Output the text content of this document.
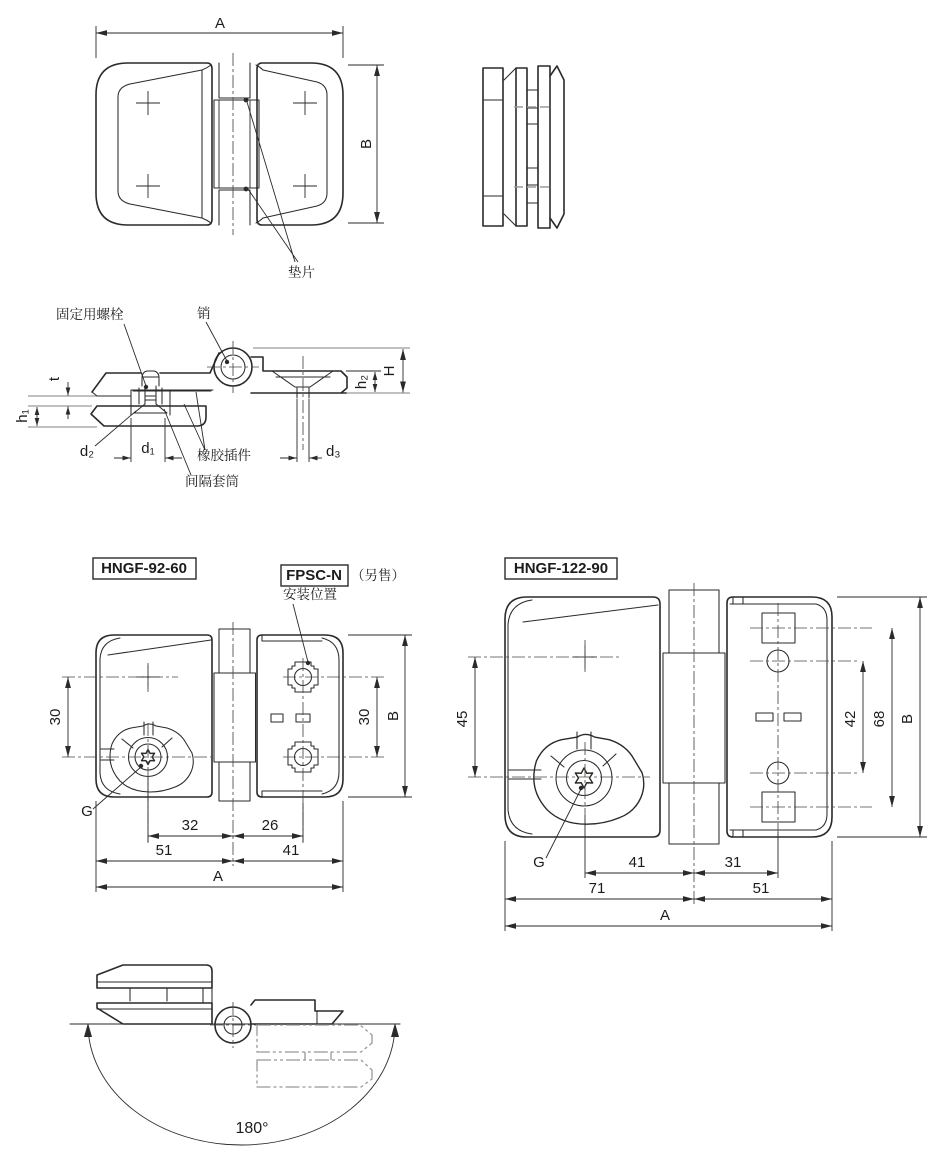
A
B
垫片
固定用螺栓	销
t
h₁
h₂
H
d₂	d₁	d₃
橡胶插件
间隔套筒
HNGF-92-60	FPSC-N （另售）
安装位置
30	30 B
32	26
51	41
A
G
HNGF-122-90
45	42 68 B
41	31
71	51
A
G
180°
